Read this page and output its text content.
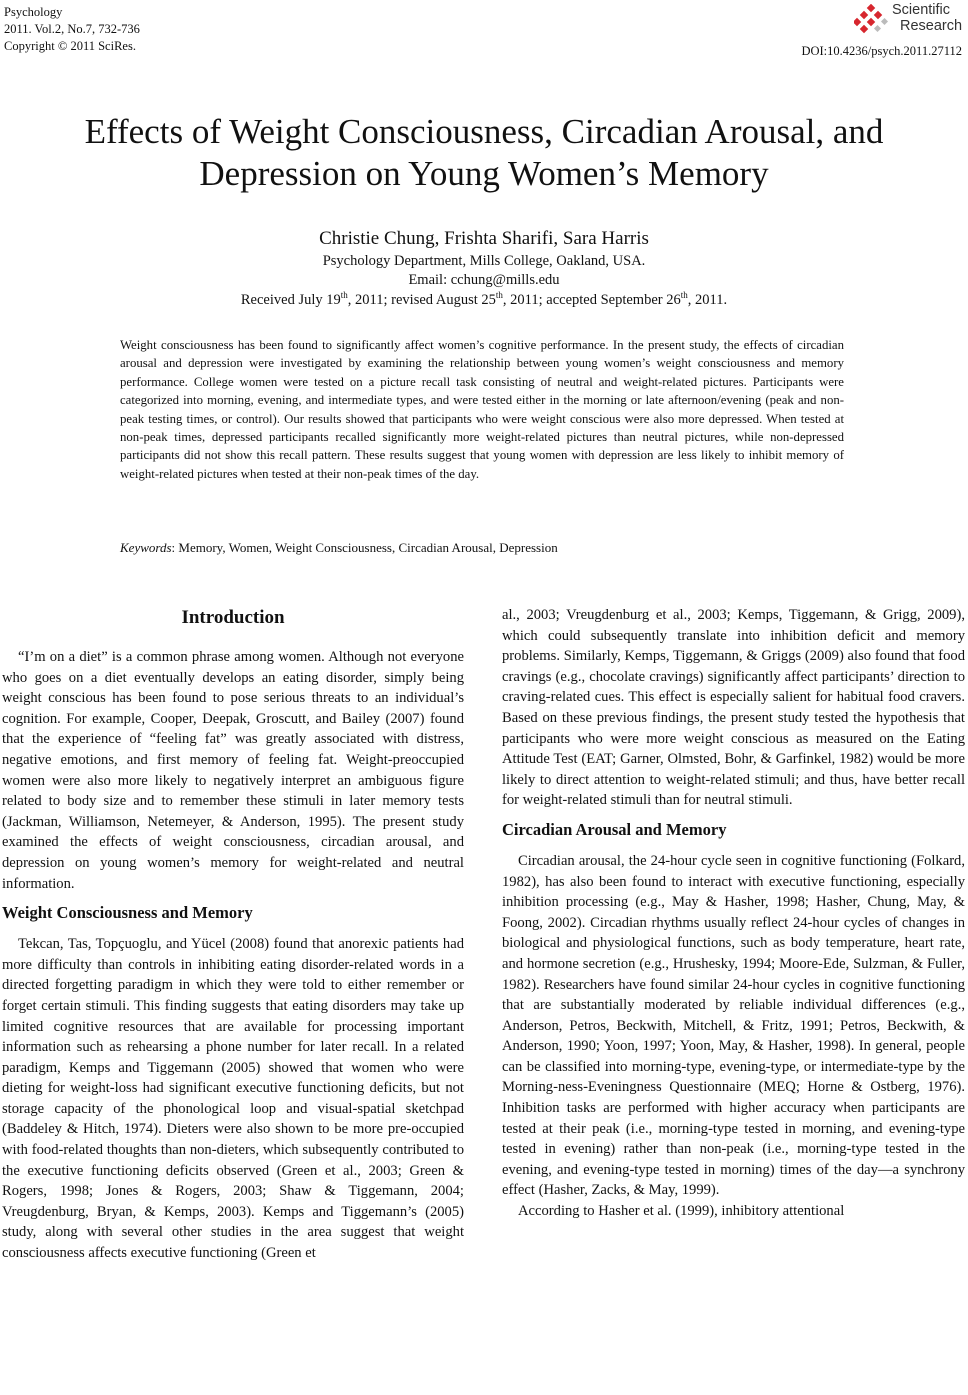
Psychology
2011. Vol.2, No.7, 732-736
Copyright © 2011 SciRes.
Scientific
Research
DOI:10.4236/psych.2011.27112
Effects of Weight Consciousness, Circadian Arousal, and
Depression on Young Women’s Memory
Christie Chung, Frishta Sharifi, Sara Harris
Psychology Department, Mills College, Oakland, USA.
Email: cchung@mills.edu
Received July 19th, 2011; revised August 25th, 2011; accepted September 26th, 2011.

Weight consciousness has been found to significantly affect women’s cognitive performance. In the present study, the effects of circadian arousal and depression were investigated by examining the relationship between young women’s weight consciousness and memory performance. College women were tested on a picture recall task consisting of neutral and weight-related pictures. Participants were categorized into morning, evening, and intermediate types, and were tested either in the morning or late afternoon/evening (peak and non-peak testing times, or control). Our results showed that participants who were weight conscious were also more depressed. When tested at non-peak times, depressed participants recalled significantly more weight-related pictures than neutral pictures, while non-depressed participants did not show this recall pattern. These results suggest that young women with depression are less likely to inhibit memory of weight-related pictures when tested at their non-peak times of the day.

Keywords: Memory, Women, Weight Consciousness, Circadian Arousal, Depression
Introduction

“I’m on a diet” is a common phrase among women. Although not everyone who goes on a diet eventually develops an eating disorder, simply being weight conscious has been found to pose serious threats to an individual’s cognition. For example, Cooper, Deepak, Groscutt, and Bailey (2007) found that the experience of “feeling fat” was greatly associated with distress, negative emotions, and first memory of feeling fat. Weight-preoccupied women were also more likely to negatively interpret an ambiguous figure related to body size and to remember these stimuli in later memory tests (Jackman, Williamson, Netemeyer, & Anderson, 1995). The present study examined the effects of weight consciousness, circadian arousal, and depression on young women’s memory for weight-related and neutral information.

Weight Consciousness and Memory

Tekcan, Tas, Topçuoglu, and Yücel (2008) found that anorexic patients had more difficulty than controls in inhibiting eating disorder-related words in a directed forgetting paradigm in which they were told to either remember or forget certain stimuli. This finding suggests that eating disorders may take up limited cognitive resources that are available for processing important information such as rehearsing a phone number for later recall. In a related paradigm, Kemps and Tiggemann (2005) showed that women who were dieting for weight-loss had significant executive functioning deficits, but not storage capacity of the phonological loop and visual-spatial sketchpad (Baddeley & Hitch, 1974). Dieters were also shown to be more pre-occupied with food-related thoughts than non-dieters, which subsequently contributed to the executive functioning deficits observed (Green et al., 2003; Green & Rogers, 1998; Jones & Rogers, 2003; Shaw & Tiggemann, 2004; Vreugdenburg, Bryan, & Kemps, 2003). Kemps and Tiggemann’s (2005) study, along with several other studies in the area suggest that weight consciousness affects executive functioning (Green et

al., 2003; Vreugdenburg et al., 2003; Kemps, Tiggemann, & Grigg, 2009), which could subsequently translate into inhibition deficit and memory problems. Similarly, Kemps, Tiggemann, & Griggs (2009) also found that food cravings (e.g., chocolate cravings) significantly affect participants’ direction to craving-related cues. This effect is especially salient for habitual food cravers. Based on these previous findings, the present study tested the hypothesis that participants who were more weight conscious as measured on the Eating Attitude Test (EAT; Garner, Olmsted, Bohr, & Garfinkel, 1982) would be more likely to direct attention to weight-related stimuli; and thus, have better recall for weight-related stimuli than for neutral stimuli.

Circadian Arousal and Memory

Circadian arousal, the 24-hour cycle seen in cognitive functioning (Folkard, 1982), has also been found to interact with executive functioning, especially inhibition processing (e.g., May & Hasher, 1998; Hasher, Chung, May, & Foong, 2002). Circadian rhythms usually reflect 24-hour cycles of changes in biological and physiological functions, such as body temperature, heart rate, and hormone secretion (e.g., Hrushesky, 1994; Moore-Ede, Sulzman, & Fuller, 1982). Researchers have found similar 24-hour cycles in cognitive functioning that are substantially moderated by reliable individual differences (e.g., Anderson, Petros, Beckwith, Mitchell, & Fritz, 1991; Petros, Beckwith, & Anderson, 1990; Yoon, 1997; Yoon, May, & Hasher, 1998). In general, people can be classified into morning-type, evening-type, or intermediate-type by the Morning-ness-Eveningness Questionnaire (MEQ; Horne & Ostberg, 1976). Inhibition tasks are performed with higher accuracy when participants are tested at their peak (i.e., morning-type tested in morning, and evening-type tested in evening) rather than non-peak (i.e., morning-type tested in the evening, and evening-type tested in morning) times of the day—a synchrony effect (Hasher, Zacks, & May, 1999).

According to Hasher et al. (1999), inhibitory attentional
